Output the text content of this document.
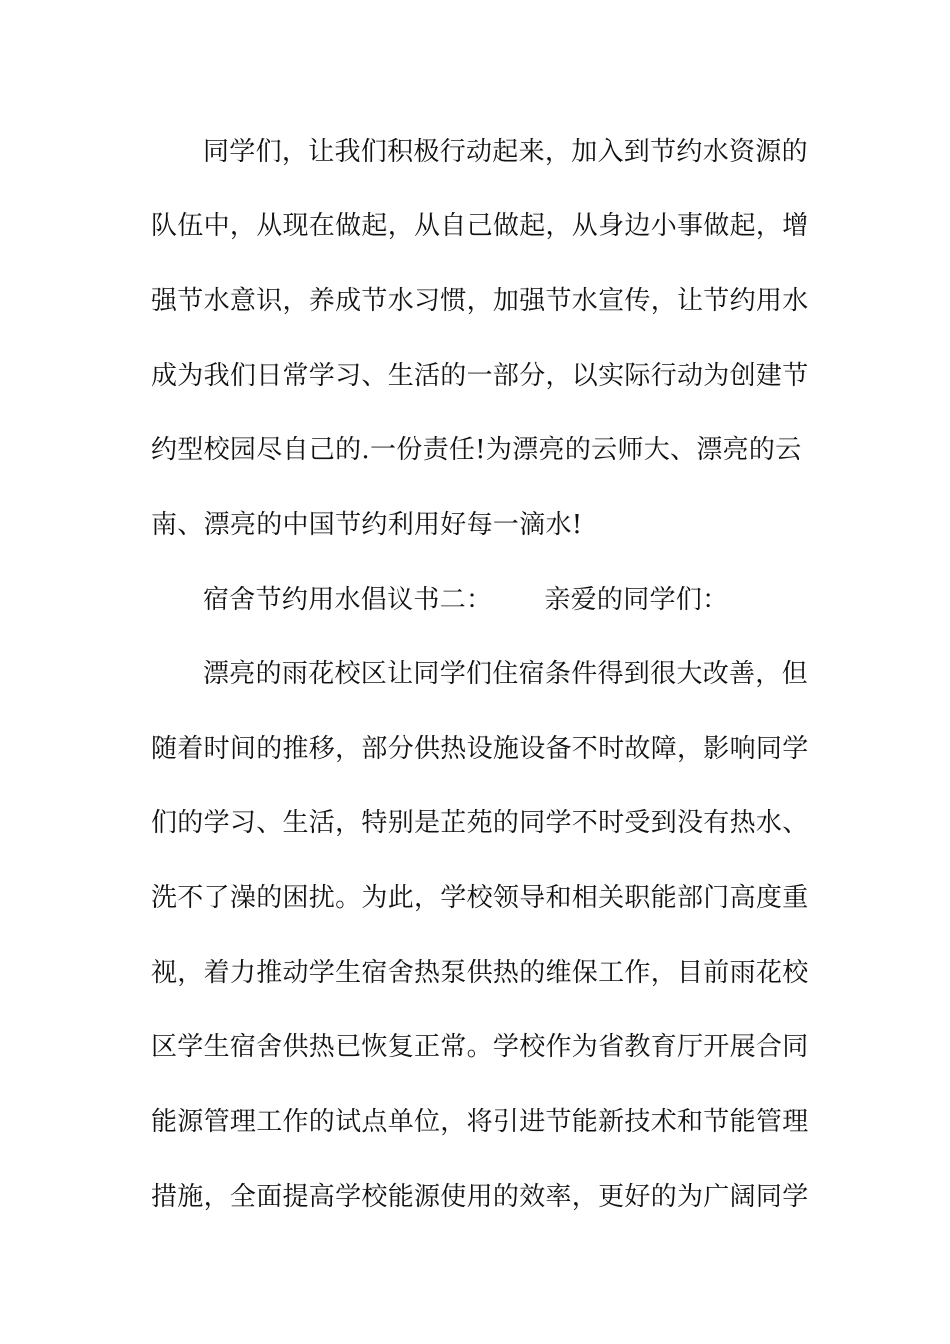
同学们，让我们积极行动起来，加入到节约水资源的
队伍中，从现在做起，从自己做起，从身边小事做起，增
强节水意识，养成节水习惯，加强节水宣传，让节约用水
成为我们日常学习、生活的一部分，以实际行动为创建节
约型校园尽自己的.一份责任!为漂亮的云师大、漂亮的云
南、漂亮的中国节约利用好每一滴水!
宿舍节约用水倡议书二： 亲爱的同学们：
漂亮的雨花校区让同学们住宿条件得到很大改善，但
随着时间的推移，部分供热设施设备不时故障，影响同学
们的学习、生活，特别是芷苑的同学不时受到没有热水、
洗不了澡的困扰。为此，学校领导和相关职能部门高度重
视，着力推动学生宿舍热泵供热的维保工作，目前雨花校
区学生宿舍供热已恢复正常。学校作为省教育厅开展合同
能源管理工作的试点单位，将引进节能新技术和节能管理
措施，全面提高学校能源使用的效率，更好的为广阔同学
